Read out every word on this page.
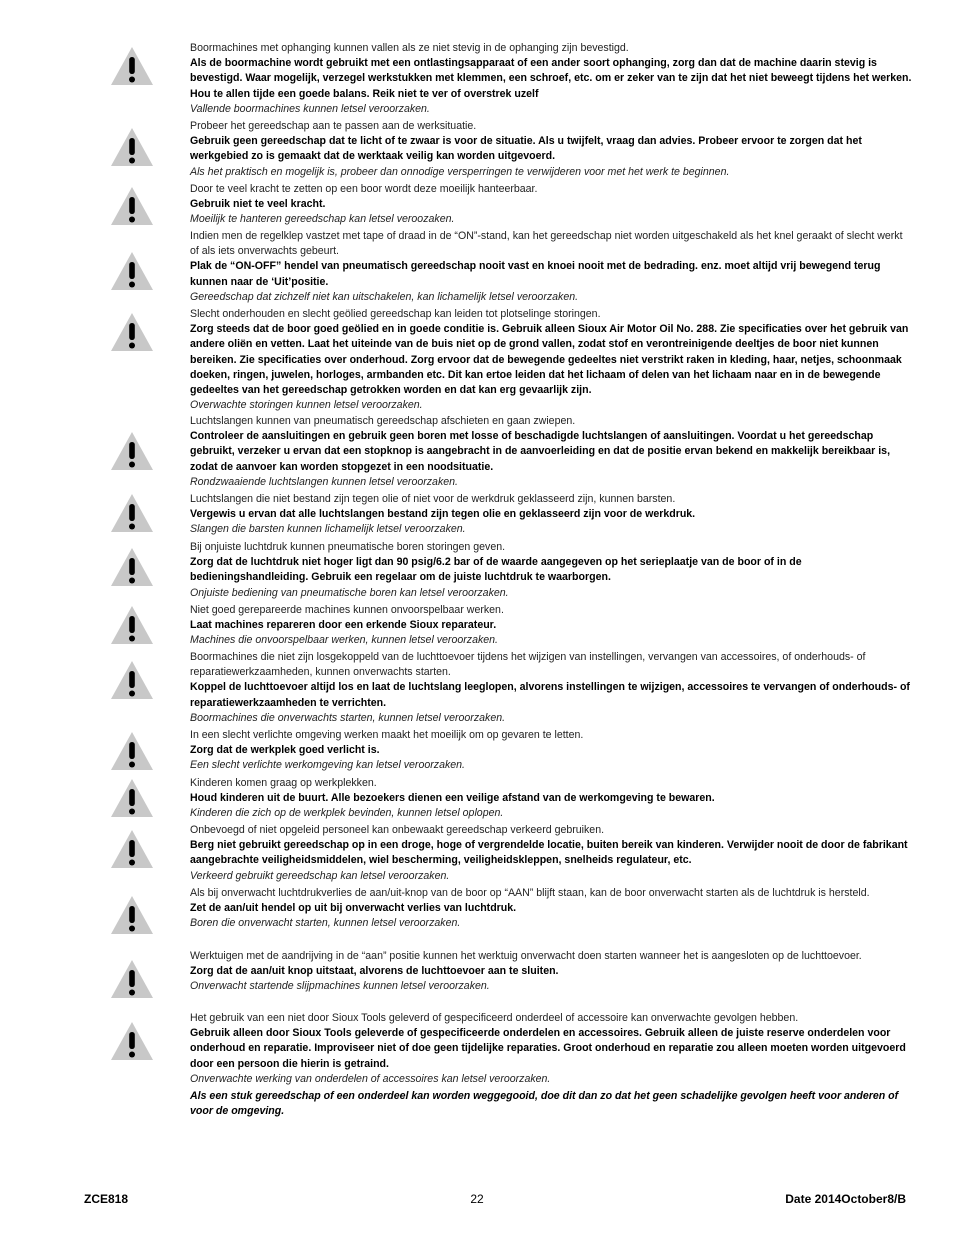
Boormachines met ophanging kunnen vallen als ze niet stevig in de ophanging zijn bevestigd.

Als de boormachine wordt gebruikt met een ontlastingsapparaat of een ander soort ophanging, zorg dan dat de machine daarin stevig is bevestigd. Waar mogelijk, verzegel werkstukken met klemmen, een schroef, etc. om er zeker van te zijn dat het niet beweegt tijdens het werken. Hou te allen tijde een goede balans. Reik niet te ver of overstrek uzelf

Vallende boormachines kunnen letsel veroorzaken.

Probeer het gereedschap aan te passen aan de werksituatie.

Gebruik geen gereedschap dat te licht of te zwaar is voor de situatie. Als u twijfelt, vraag dan advies. Probeer ervoor te zorgen dat het werkgebied zo is gemaakt dat de werktaak veilig kan worden uitgevoerd.

Als het praktisch en mogelijk is, probeer dan onnodige versperringen te verwijderen voor met het werk te beginnen.

Door te veel kracht te zetten op een boor wordt deze moeilijk hanteerbaar.

Gebruik niet te veel kracht.

Moeilijk te hanteren gereedschap kan letsel veroozaken.

Indien men de regelklep vastzet met tape of draad in de “ON”-stand, kan het gereedschap niet worden uitgeschakeld als het knel geraakt of slecht werkt of als iets onverwachts gebeurt.

Plak de “ON-OFF” hendel van pneumatisch gereedschap nooit vast en knoei nooit met de bedrading. enz. moet altijd vrij bewegend terug kunnen naar de ‘Uit’positie.

Gereedschap dat zichzelf niet kan uitschakelen, kan lichamelijk letsel veroorzaken.

Slecht onderhouden en slecht geölied gereedschap kan leiden tot plotselinge storingen.

Zorg steeds dat de boor goed geölied en in goede conditie is. Gebruik alleen Sioux Air Motor Oil No. 288. Zie specificaties over het gebruik van andere oliën en vetten. Laat het uiteinde van de buis niet op de grond vallen, zodat stof en verontreinigende deeltjes de boor niet kunnen bereiken. Zie specificaties over onderhoud. Zorg ervoor dat de bewegende gedeeltes niet verstrikt raken in kleding, haar, netjes, schoonmaak doeken, ringen, juwelen, horloges, armbanden etc. Dit kan ertoe leiden dat het lichaam of delen van het lichaam naar en in de bewegende gedeeltes van het gereedschap getrokken worden en dat kan erg gevaarlijk zijn.

Overwachte storingen kunnen letsel veroorzaken.

Luchtslangen kunnen van pneumatisch gereedschap afschieten en gaan zwiepen.

Controleer de aansluitingen en gebruik geen boren met losse of beschadigde luchtslangen of aansluitingen. Voordat u het gereedschap gebruikt, verzeker u ervan dat een stopknop is aangebracht in de aanvoerleiding en dat de positie ervan bekend en makkelijk bereikbaar is, zodat de aanvoer kan worden stopgezet in een noodsituatie.

Rondzwaaiende luchtslangen kunnen letsel veroorzaken.

Luchtslangen die niet bestand zijn tegen olie of niet voor de werkdruk geklasseerd zijn, kunnen barsten.

Vergewis u ervan dat alle luchtslangen bestand zijn tegen olie en geklasseerd zijn voor de werkdruk.

Slangen die barsten kunnen lichamelijk letsel veroorzaken.

Bij onjuiste luchtdruk kunnen pneumatische boren storingen geven.

Zorg dat de luchtdruk niet hoger ligt dan 90 psig/6.2 bar of de waarde aangegeven op het serieplaatje van de boor of in de bedieningshandleiding. Gebruik een regelaar om de juiste luchtdruk te waarborgen.

Onjuiste bediening van pneumatische boren kan letsel veroorzaken.

Niet goed gerepareerde machines kunnen onvoorspelbaar werken.

Laat machines repareren door een erkende Sioux reparateur.

Machines die onvoorspelbaar werken, kunnen letsel veroorzaken.

Boormachines die niet zijn losgekoppeld van de luchttoevoer tijdens het wijzigen van instellingen, vervangen van accessoires, of onderhouds- of reparatiewerkzaamheden, kunnen onverwachts starten.

Koppel de luchttoevoer altijd los en laat de luchtslang leeglopen, alvorens instellingen te wijzigen, accessoires te vervangen of onderhouds- of reparatiewerkzaamheden te verrichten.

Boormachines die onverwachts starten, kunnen letsel veroorzaken.

In een slecht verlichte omgeving werken maakt het moeilijk om op gevaren te letten.

Zorg dat de werkplek goed verlicht is.

Een slecht verlichte werkomgeving kan letsel veroorzaken.

Kinderen komen graag op werkplekken.

Houd kinderen uit de buurt. Alle bezoekers dienen een veilige afstand van de werkomgeving te bewaren.

Kinderen die zich op de werkplek bevinden, kunnen letsel oplopen.

Onbevoegd of niet opgeleid personeel kan onbewaakt gereedschap verkeerd gebruiken.

Berg niet gebruikt gereedschap op in een droge, hoge of vergrendelde locatie, buiten bereik van kinderen. Verwijder nooit de door de fabrikant aangebrachte veiligheidsmiddelen, wiel bescherming, veiligheidskleppen, snelheids regulateur, etc.

Verkeerd gebruikt gereedschap kan letsel veroorzaken.

Als bij onverwacht luchtdrukverlies de aan/uit-knop van de boor op “AAN” blijft staan, kan de boor onverwacht starten als de luchtdruk is hersteld.

Zet de aan/uit hendel op uit bij onverwacht verlies van luchtdruk.

Boren die onverwacht starten, kunnen letsel veroorzaken.

Werktuigen met de aandrijving in de “aan” positie kunnen het werktuig onverwacht doen starten wanneer het is aangesloten op de luchttoevoer.

Zorg dat de aan/uit knop uitstaat, alvorens de luchttoevoer aan te sluiten.

Onverwacht startende slijpmachines kunnen letsel veroorzaken.

Het gebruik van een niet door Sioux Tools geleverd of gespecificeerd onderdeel of accessoire kan onverwachte gevolgen hebben.

Gebruik alleen door Sioux Tools geleverde of gespecificeerde onderdelen en accessoires. Gebruik alleen de juiste reserve onderdelen voor onderhoud en reparatie. Improviseer niet of doe geen tijdelijke reparaties. Groot onderhoud en reparatie zou alleen moeten worden uitgevoerd door een persoon die hierin is getraind.

Onverwachte werking van onderdelen of accessoires kan letsel veroorzaken.

Als een stuk gereedschap of een onderdeel kan worden weggegooid, doe dit dan zo dat het geen schadelijke gevolgen heeft voor anderen of voor de omgeving.

ZCE818	22	Date 2014October8/B
